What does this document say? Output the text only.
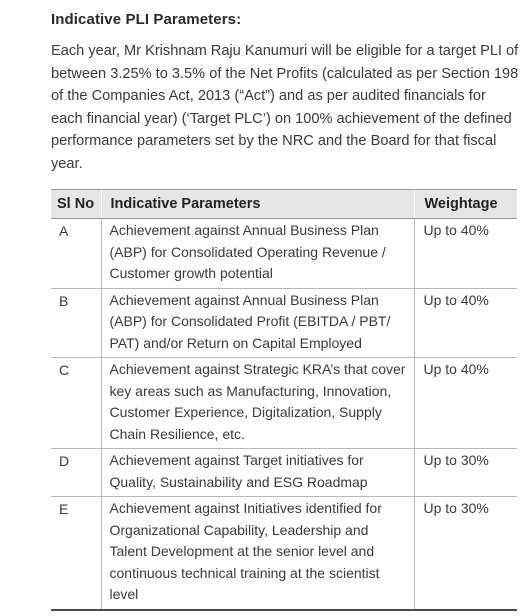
Indicative PLI Parameters:

Each year, Mr Krishnam Raju Kanumuri will be eligible for a target PLI of between 3.25% to 3.5% of the Net Profits (calculated as per Section 198 of the Companies Act, 2013 (“Act”) and as per audited financials for each financial year) (‘Target PLC’) on 100% achievement of the defined performance parameters set by the NRC and the Board for that fiscal year.

Sl No	Indicative Parameters	Weightage
A	Achievement against Annual Business Plan (ABP) for Consolidated Operating Revenue / Customer growth potential	Up to 40%
B	Achievement against Annual Business Plan (ABP) for Consolidated Profit (EBITDA / PBT/ PAT) and/or Return on Capital Employed	Up to 40%
C	Achievement against Strategic KRA’s that cover key areas such as Manufacturing, Innovation, Customer Experience, Digitalization, Supply Chain Resilience, etc.	Up to 40%
D	Achievement against Target initiatives for Quality, Sustainability and ESG Roadmap	Up to 30%
E	Achievement against Initiatives identified for Organizational Capability, Leadership and Talent Development at the senior level and continuous technical training at the scientist level	Up to 30%
